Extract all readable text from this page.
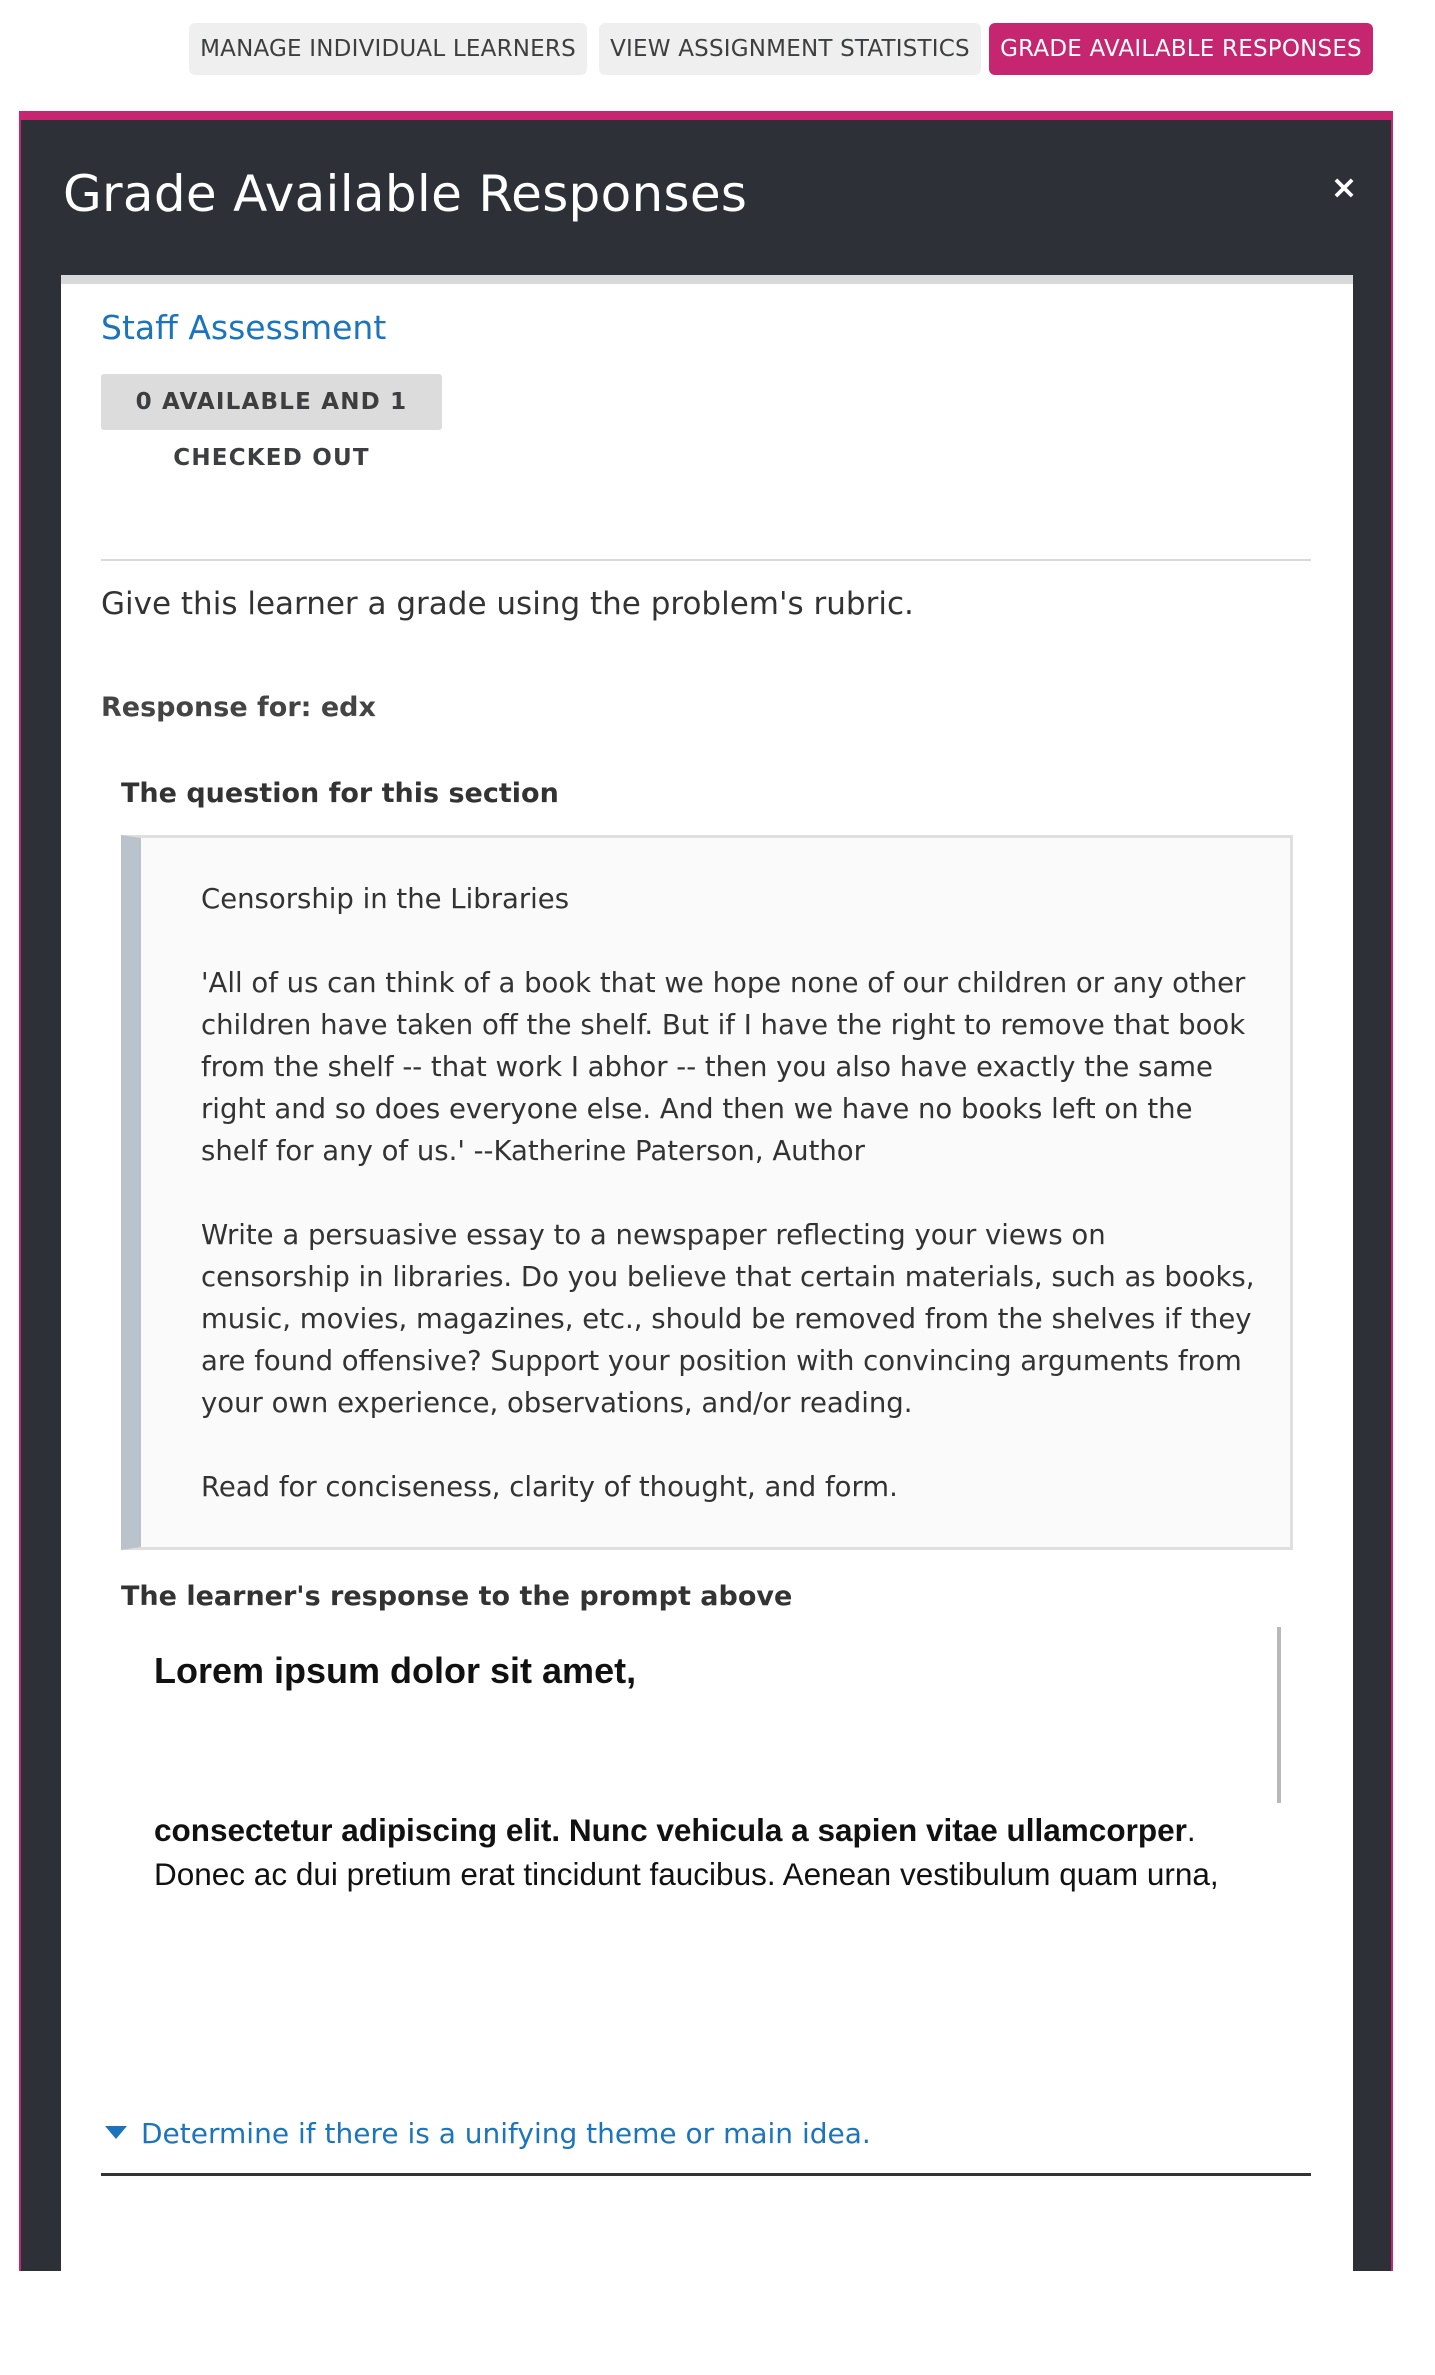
MANAGE INDIVIDUAL LEARNERS	VIEW ASSIGNMENT STATISTICS	GRADE AVAILABLE RESPONSES
Grade Available Responses	×
Staff Assessment
0 AVAILABLE AND 1 CHECKED OUT
Give this learner a grade using the problem's rubric.
Response for: edx
The question for this section

Censorship in the Libraries

'All of us can think of a book that we hope none of our children or any other children have taken off the shelf. But if I have the right to remove that book from the shelf -- that work I abhor -- then you also have exactly the same right and so does everyone else. And then we have no books left on the shelf for any of us.' --Katherine Paterson, Author

Write a persuasive essay to a newspaper reflecting your views on censorship in libraries. Do you believe that certain materials, such as books, music, movies, magazines, etc., should be removed from the shelves if they are found offensive? Support your position with convincing arguments from your own experience, observations, and/or reading.

Read for conciseness, clarity of thought, and form.

The learner's response to the prompt above
Lorem ipsum dolor sit amet,
consectetur adipiscing elit. Nunc vehicula a sapien vitae ullamcorper.
Donec ac dui pretium erat tincidunt faucibus. Aenean vestibulum quam urna,
Determine if there is a unifying theme or main idea.
